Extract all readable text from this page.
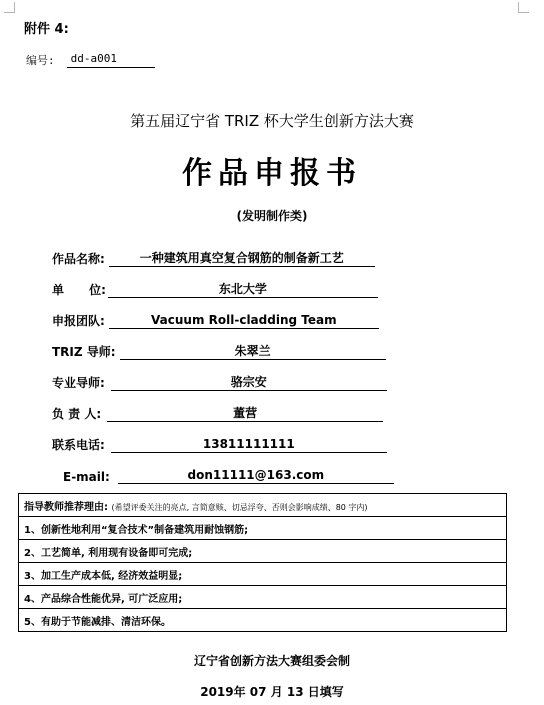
附件 4:
编号:	dd-a001
第五届辽宁省 TRIZ 杯大学生创新方法大赛
作品申报书
(发明制作类)
作品名称:	一种建筑用真空复合钢筋的制备新工艺
单      位:	东北大学
申报团队:	Vacuum Roll-cladding Team
TRIZ 导师:	朱翠兰
专业导师:	骆宗安
负 责 人:	董营
联系电话:	13811111111
E-mail:	don11111@163.com
指导教师推荐理由: (希望评委关注的亮点, 言简意赅、切忌浮夸、否则会影响成绩、80 字内)
1、创新性地利用“复合技术”制备建筑用耐蚀钢筋;
2、工艺简单, 利用现有设备即可完成;
3、加工生产成本低, 经济效益明显;
4、产品综合性能优异, 可广泛应用;
5、有助于节能减排、清洁环保。
辽宁省创新方法大赛组委会制
2019年 07 月 13 日填写
